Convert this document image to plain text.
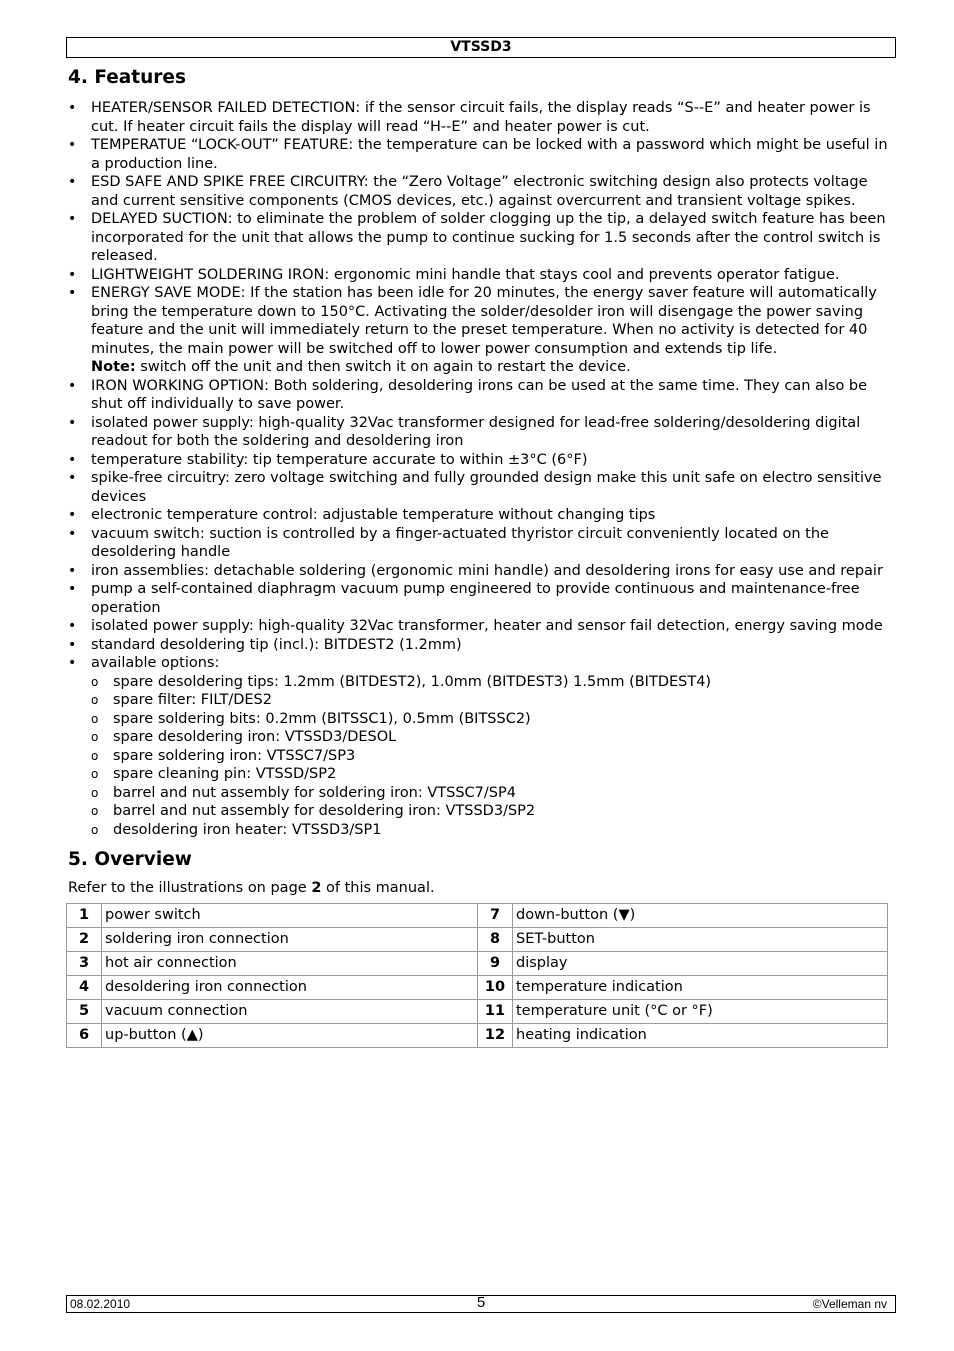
VTSSD3
4. Features
• HEATER/SENSOR FAILED DETECTION: if the sensor circuit fails, the display reads “S--E” and heater power is cut. If heater circuit fails the display will read “H--E” and heater power is cut.
• TEMPERATUE “LOCK-OUT” FEATURE: the temperature can be locked with a password which might be useful in a production line.
• ESD SAFE AND SPIKE FREE CIRCUITRY: the “Zero Voltage” electronic switching design also protects voltage and current sensitive components (CMOS devices, etc.) against overcurrent and transient voltage spikes.
• DELAYED SUCTION: to eliminate the problem of solder clogging up the tip, a delayed switch feature has been incorporated for the unit that allows the pump to continue sucking for 1.5 seconds after the control switch is released.
• LIGHTWEIGHT SOLDERING IRON: ergonomic mini handle that stays cool and prevents operator fatigue.
• ENERGY SAVE MODE: If the station has been idle for 20 minutes, the energy saver feature will automatically bring the temperature down to 150°C. Activating the solder/desolder iron will disengage the power saving feature and the unit will immediately return to the preset temperature. When no activity is detected for 40 minutes, the main power will be switched off to lower power consumption and extends tip life.
Note: switch off the unit and then switch it on again to restart the device.
• IRON WORKING OPTION: Both soldering, desoldering irons can be used at the same time. They can also be shut off individually to save power.
• isolated power supply: high-quality 32Vac transformer designed for lead-free soldering/desoldering digital readout for both the soldering and desoldering iron
• temperature stability: tip temperature accurate to within ±3°C (6°F)
• spike-free circuitry: zero voltage switching and fully grounded design make this unit safe on electro sensitive devices
• electronic temperature control: adjustable temperature without changing tips
• vacuum switch: suction is controlled by a finger-actuated thyristor circuit conveniently located on the desoldering handle
• iron assemblies: detachable soldering (ergonomic mini handle) and desoldering irons for easy use and repair
• pump a self-contained diaphragm vacuum pump engineered to provide continuous and maintenance-free operation
• isolated power supply: high-quality 32Vac transformer, heater and sensor fail detection, energy saving mode
• standard desoldering tip (incl.): BITDEST2 (1.2mm)
• available options:
o spare desoldering tips: 1.2mm (BITDEST2), 1.0mm (BITDEST3) 1.5mm (BITDEST4)
o spare filter: FILT/DES2
o spare soldering bits: 0.2mm (BITSSC1), 0.5mm (BITSSC2)
o spare desoldering iron: VTSSD3/DESOL
o spare soldering iron: VTSSC7/SP3
o spare cleaning pin: VTSSD/SP2
o barrel and nut assembly for soldering iron: VTSSC7/SP4
o barrel and nut assembly for desoldering iron: VTSSD3/SP2
o desoldering iron heater: VTSSD3/SP1
5. Overview

Refer to the illustrations on page 2 of this manual.

1	power switch	7	down-button (▼)
2	soldering iron connection	8	SET-button
3	hot air connection	9	display
4	desoldering iron connection	10	temperature indication
5	vacuum connection	11	temperature unit (°C or °F)
6	up-button (▲)	12	heating indication
08.02.2010	5	©Velleman nv
